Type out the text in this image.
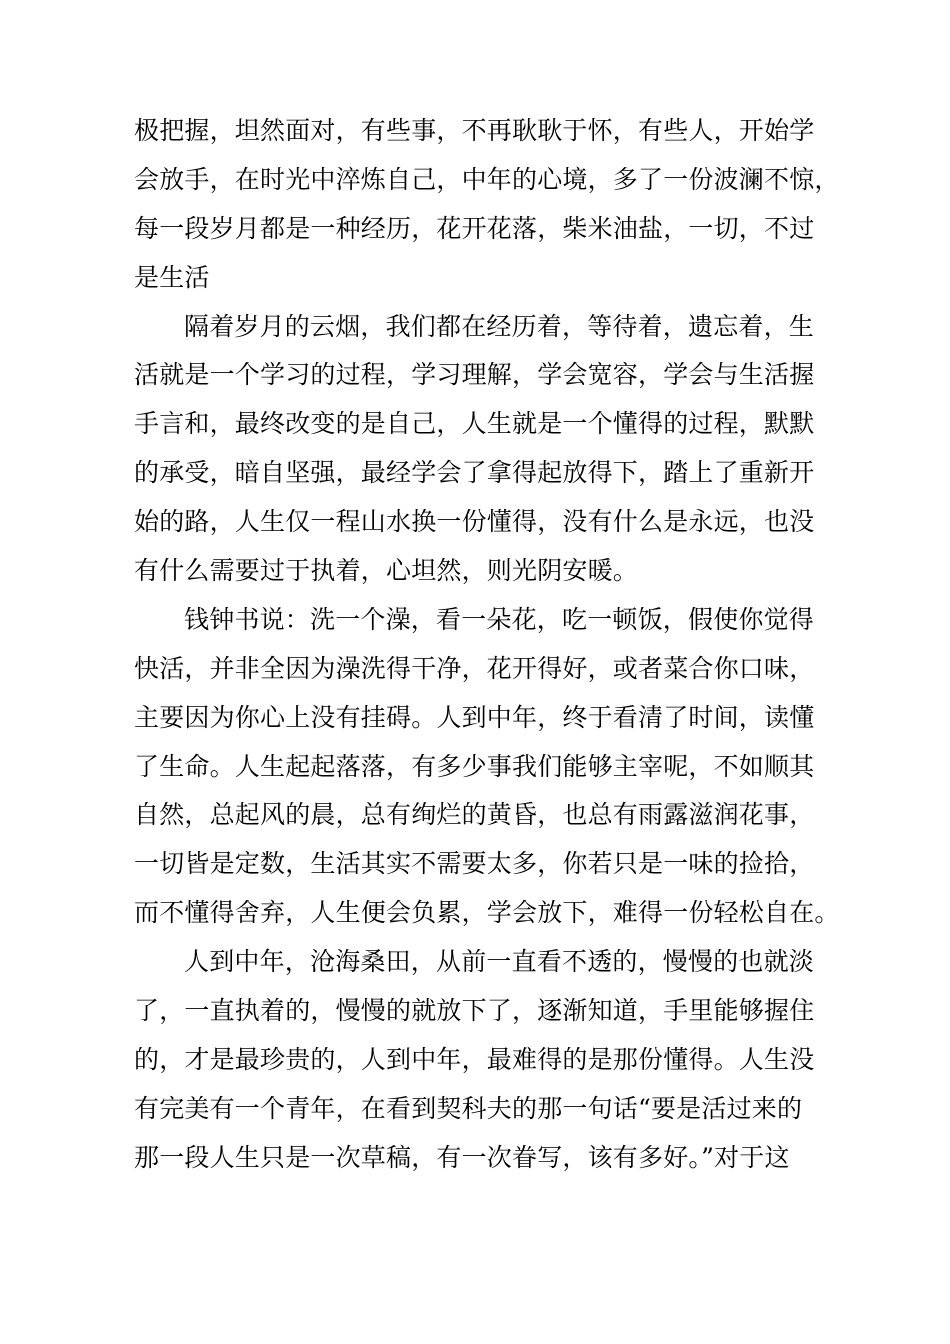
极把握，坦然面对，有些事，不再耿耿于怀，有些人，开始学
会放手，在时光中淬炼自己，中年的心境，多了一份波澜不惊，
每一段岁月都是一种经历，花开花落，柴米油盐，一切，不过
是生活

隔着岁月的云烟，我们都在经历着，等待着，遗忘着，生
活就是一个学习的过程，学习理解，学会宽容，学会与生活握
手言和，最终改变的是自己，人生就是一个懂得的过程，默默
的承受，暗自坚强，最经学会了拿得起放得下，踏上了重新开
始的路，人生仅一程山水换一份懂得，没有什么是永远，也没
有什么需要过于执着，心坦然，则光阴安暖。

钱钟书说：洗一个澡，看一朵花，吃一顿饭，假使你觉得
快活，并非全因为澡洗得干净，花开得好，或者菜合你口味，
主要因为你心上没有挂碍。人到中年，终于看清了时间，读懂
了生命。人生起起落落，有多少事我们能够主宰呢，不如顺其
自然，总起风的晨，总有绚烂的黄昏，也总有雨露滋润花事，
一切皆是定数，生活其实不需要太多，你若只是一味的捡拾，
而不懂得舍弃，人生便会负累，学会放下，难得一份轻松自在。

人到中年，沧海桑田，从前一直看不透的，慢慢的也就淡
了，一直执着的，慢慢的就放下了，逐渐知道，手里能够握住
的，才是最珍贵的，人到中年，最难得的是那份懂得。人生没
有完美有一个青年，在看到契科夫的那一句话“要是活过来的
那一段人生只是一次草稿，有一次眷写，该有多好。”对于这
